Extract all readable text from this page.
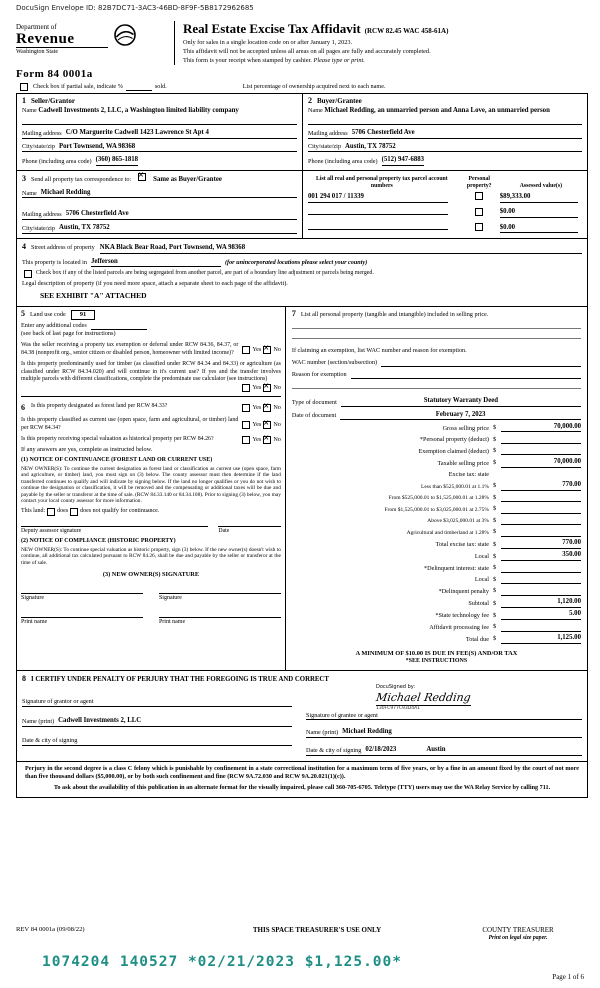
DocuSign Envelope ID: 82B7DC71-3AC3-46BD-8F9F-5B8172962685
Department of
Revenue
Washington State
Real Estate Excise Tax Affidavit (RCW 82.45 WAC 458-61A)
Only for sales in a single location code on or after January 1, 2023.
This affidavit will not be accepted unless all areas on all pages are fully and accurately completed.
This form is your receipt when stamped by cashier. Please type or print.
Form 84 0001a
Check box if partial sale, indicate %	sold.	List percentage of ownership acquired next to each name.
1 Seller/Grantor
Name Cadwell Investments 2, LLC, a Washington limited liability company
Mailing address C/O Marguerite Cadwell 1423 Lawrence St Apt 4
City/state/zip Port Townsend, WA 98368
Phone (including area code) (360) 865-1818
2 Buyer/Grantee
Name Michael Redding, an unmarried person and Anna Love, an unmarried person
Mailing address 5706 Chesterfield Ave
City/state/zip Austin, TX 78752
Phone (including area code) (512) 947-6883
3 Send all property tax correspondence to: ×	Same as Buyer/Grantee
Name Michael Redding
Mailing address 5706 Chesterfield Ave
City/state/zip Austin, TX 78752
List all real and personal property tax parcel account numbers
Personal property?	Assessed value(s)
001 294 017 / 11339	$89,333.00
$0.00
$0.00
4 Street address of property NKA Black Bear Road, Port Townsend, WA 98368
This property is located in Jefferson	(for unincorporated locations please select your county)
Check box if any of the listed parcels are being segregated from another parcel, are part of a boundary line adjustment or parcels being merged.
Legal description of property (if you need more space, attach a separate sheet to each page of the affidavit).
SEE EXHIBIT "A" ATTACHED
5 Land use code	91
Enter any additional codes
(see back of last page for instructions)
Was the seller receiving a property tax exemption or deferral under RCW 84.36, 84.37, or 84.38 (nonprofit org., senior citizen or disabled person, homeowner with limited income)?	Yes × No
Is this property predominantly used for timber (as classified under RCW 84.34 and 84.33) or agriculture (as classified under RCW 84.34.020) and will continue in it's current use? If yes and the transfer involves multiple parcels with different classifications, complete the predominate use calculator (see instructions)
Yes × No
6 Is this property designated as forest land per RCW 84.33?	Yes × No
Is this property classified as current use (open space, farm and agricultural, or timber) land per RCW 84.34?	Yes × No
Is this property receiving special valuation as historical property per RCW 84.26?	Yes × No
If any answers are yes, complete as instructed below.
(1) NOTICE OF CONTINUANCE (FOREST LAND OR CURRENT USE)
NEW OWNER(S): To continue the current designation as forest land or classification as current use (open space, farm and agriculture, or timber) land, you must sign on (3) below. The county assessor must then determine if the land transferred continues to qualify and will indicate by signing below. If the land no longer qualifies or you do not wish to continue the designation or classification, it will be removed and the compensating or additional taxes will be due and payable by the seller or transferor at the time of sale. (RCW 84.33.140 or 84.34.108). Prior to signing (3) below, you may contact your local county assessor for more information.
This land: does does not qualify for continuance.
Deputy assessor signature	Date
(2) NOTICE OF COMPLIANCE (HISTORIC PROPERTY)
NEW OWNER(S): To continue special valuation as historic property, sign (3) below. If the new owner(s) doesn't wish to continue, all additional tax calculated pursuant to RCW 84.26, shall be due and payable by the seller or transferor at the time of sale.
(3) NEW OWNER(S) SIGNATURE
Signature	Signature
Print name	Print name
7 List all personal property (tangible and intangible) included in selling price.
If claiming an exemption, list WAC number and reason for exemption.
WAC number (section/subsection)
Reason for exemption
Type of document	Statutory Warranty Deed
Date of document	February 7, 2023
Gross selling price $	70,000.00
*Personal property (deduct) $
Exemption claimed (deduct) $
Taxable selling price $	70,000.00
Excise tax: state
Less than $525,000.01 at 1.1% $	770.00
From $525,000.01 to $1,525,000.01 at 1.28% $
From $1,525,000.01 to $3,025,000.01 at 2.75% $
Above $3,025,000.01 at 3% $
Agricultural and timberland at 1.28% $
Total excise tax: state $	770.00
Local $	350.00
*Delinquent interest: state $
Local $
*Delinquent penalty $
Subtotal $	1,120.00
*State technology fee $	5.00
Affidavit processing fee $
Total due $	1,125.00
A MINIMUM OF $10.00 IS DUE IN FEE(S) AND/OR TAX
*SEE INSTRUCTIONS
8 I CERTIFY UNDER PENALTY OF PERJURY THAT THE FOREGOING IS TRUE AND CORRECT
Signature of grantor or agent
Name (print) Cadwell Investments 2, LLC
Date & city of signing
DocuSigned by:
Michael Redding
130FC977C93D4A1
Signature of grantee or agent
Name (print) Michael Redding
Date & city of signing 02/18/2023	Austin
Perjury in the second degree is a class C felony which is punishable by confinement in a state correctional institution for a maximum term of five years, or by a fine in an amount fixed by the court of not more than five thousand dollars ($5,000.00), or by both such confinement and fine (RCW 9A.72.030 and RCW 9A.20.021(1)(c)).
To ask about the availability of this publication in an alternate format for the visually impaired, please call 360-705-6705. Teletype (TTY) users may use the WA Relay Service by calling 711.
REV 84 0001a (09/08/22)	THIS SPACE TREASURER'S USE ONLY	COUNTY TREASURER
Print on legal size paper.
1074204 140527 *02/21/2023 $1,125.00*
Page 1 of 6
